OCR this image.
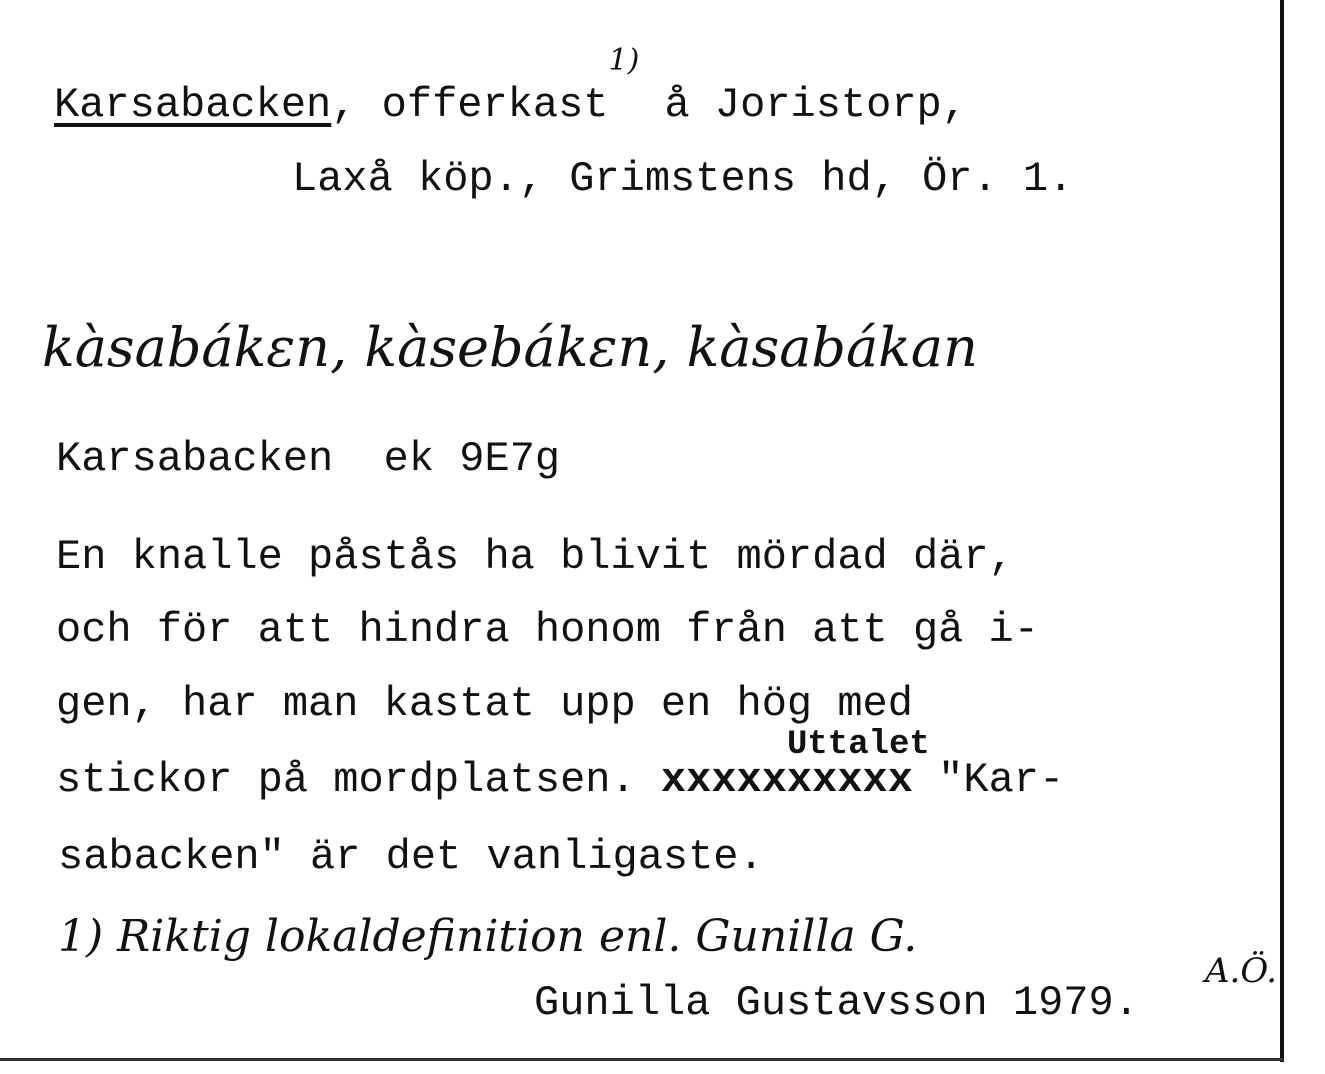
Karsabacken, offerkast$^{1)}$ å Joristorp,

Laxå köp., Grimstens hd, Ör. 1.

kàsabákɛn, kàsebákɛn, kàsabákan

Karsabacken ek 9E7g

En knalle påstås ha blivit mördad där,

och för att hindra honom från att gå i-

gen, har man kastat upp en hög med

stickor på mordplatsen. xxxxxxxxxx "Kar-

Uttalet

sabacken" är det vanligaste.

1) Riktig lokaldefinition enl. Gunilla G.

A.Ö.

Gunilla Gustavsson 1979.
